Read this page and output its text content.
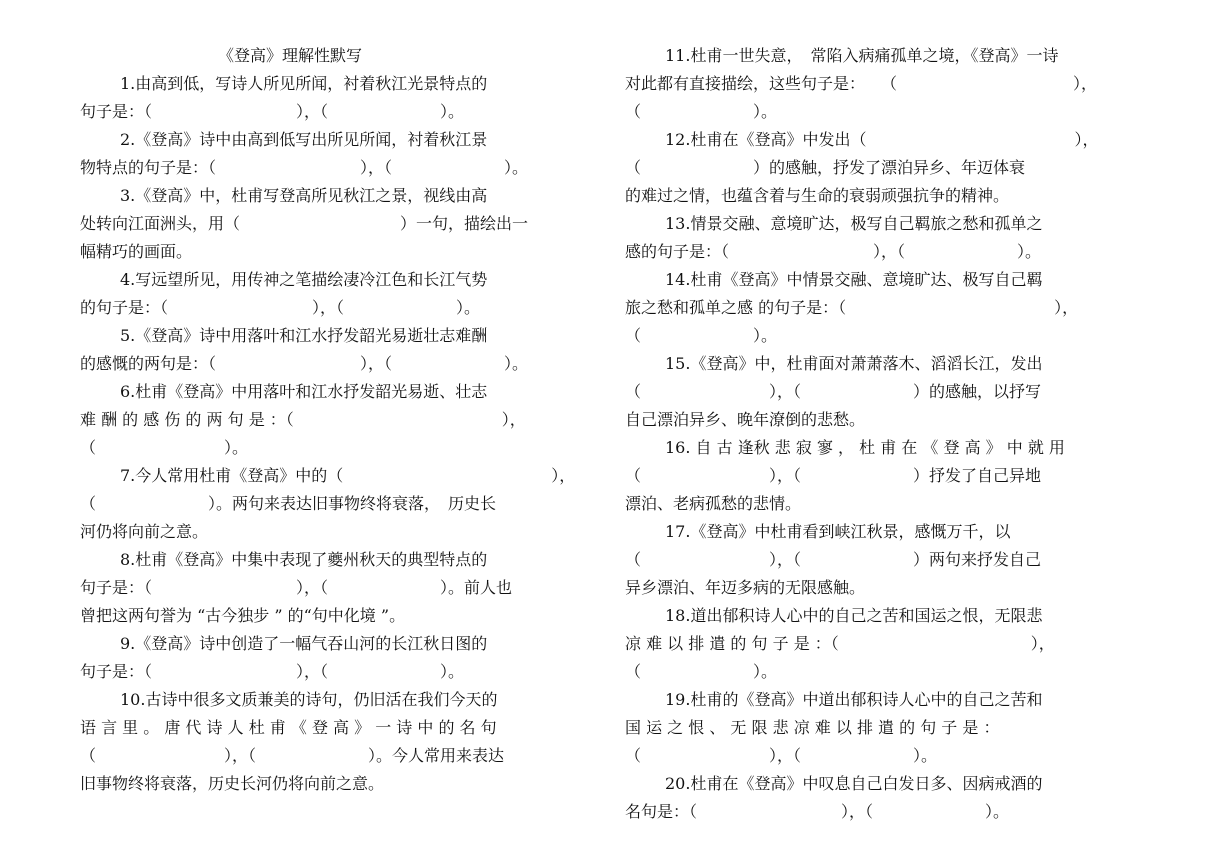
《登高》理解性默写
1.由高到低，写诗人所见所闻，衬着秋江光景特点的
句子是：（　　　　　　　　　），（　　　　　　　）。
2.《登高》诗中由高到低写出所见所闻，衬着秋江景
物特点的句子是：（　　　　　　　　　），（　　　　　　　）。
3.《登高》中，杜甫写登高所见秋江之景，视线由高
处转向江面洲头，用（　　　　　　　　　　）一句，描绘出一
幅精巧的画面。
4.写远望所见，用传神之笔描绘凄冷江色和长江气势
的句子是：（　　　　　　　　　），（　　　　　　　）。
5.《登高》诗中用落叶和江水抒发韶光易逝壮志难酬
的感慨的两句是：（　　　　　　　　　），（　　　　　　　）。
6.杜甫《登高》中用落叶和江水抒发韶光易逝、壮志
难 酬 的 感 伤 的 两 句 是 ：（　　　　　　　　　　　　　），
（　　　　　　　　）。
7.今人常用杜甫《登高》中的（　　　　　　　　　　　　　），
（　　　　　　　）。两句来表达旧事物终将衰落，　历史长
河仍将向前之意。
8.杜甫《登高》中集中表现了夔州秋天的典型特点的
句子是：（　　　　　　　　　），（　　　　　　　）。前人也
曾把这两句誉为 “古今独步 ” 的“句中化境 ”。
9.《登高》诗中创造了一幅气吞山河的长江秋日图的
句子是：（　　　　　　　　　），（　　　　　　　）。
10.古诗中很多文质兼美的诗句，仍旧活在我们今天的
语 言 里 。 唐 代 诗 人 杜 甫 《 登 高 》 一 诗 中 的 名 句
（　　　　　　　　），（　　　　　　　）。今人常用来表达
旧事物终将衰落，历史长河仍将向前之意。
11.杜甫一世失意，　常陷入病痛孤单之境，《登高》一诗
对此都有直接描绘，这些句子是：　　（　　　　　　　　　　　），
（　　　　　　　）。
12.杜甫在《登高》中发出（　　　　　　　　　　　　　），
（　　　　　　　）的感触，抒发了漂泊异乡、年迈体衰
的难过之情，也蕴含着与生命的衰弱顽强抗争的精神。
13.情景交融、意境旷达，极写自己羁旅之愁和孤单之
感的句子是：（　　　　　　　　　），（　　　　　　　）。
14.杜甫《登高》中情景交融、意境旷达、极写自己羁
旅之愁和孤单之感 的句子是：（　　　　　　　　　　　　　），
（　　　　　　　）。
15.《登高》中，杜甫面对萧萧落木、滔滔长江，发出
（　　　　　　　　），（　　　　　　　）的感触，以抒写
自己漂泊异乡、晚年潦倒的悲愁。
16. 自 古 逢秋 悲 寂 寥 ， 杜 甫 在 《 登 高 》 中 就 用
（　　　　　　　　），（　　　　　　　）抒发了自己异地
漂泊、老病孤愁的悲情。
17.《登高》中杜甫看到峡江秋景，感慨万千，以
（　　　　　　　　），（　　　　　　　）两句来抒发自己
异乡漂泊、年迈多病的无限感触。
18.道出郁积诗人心中的自己之苦和国运之恨，无限悲
凉 难 以 排 遣 的 句 子 是 ：（　　　　　　　　　　　　），
（　　　　　　　）。
19.杜甫的《登高》中道出郁积诗人心中的自己之苦和
国 运 之 恨 、 无 限 悲 凉 难 以 排 遣 的 句 子 是 ：
（　　　　　　　　），（　　　　　　　）。
20.杜甫在《登高》中叹息自己白发日多、因病戒酒的
名句是：（　　　　　　　　　），（　　　　　　　）。
